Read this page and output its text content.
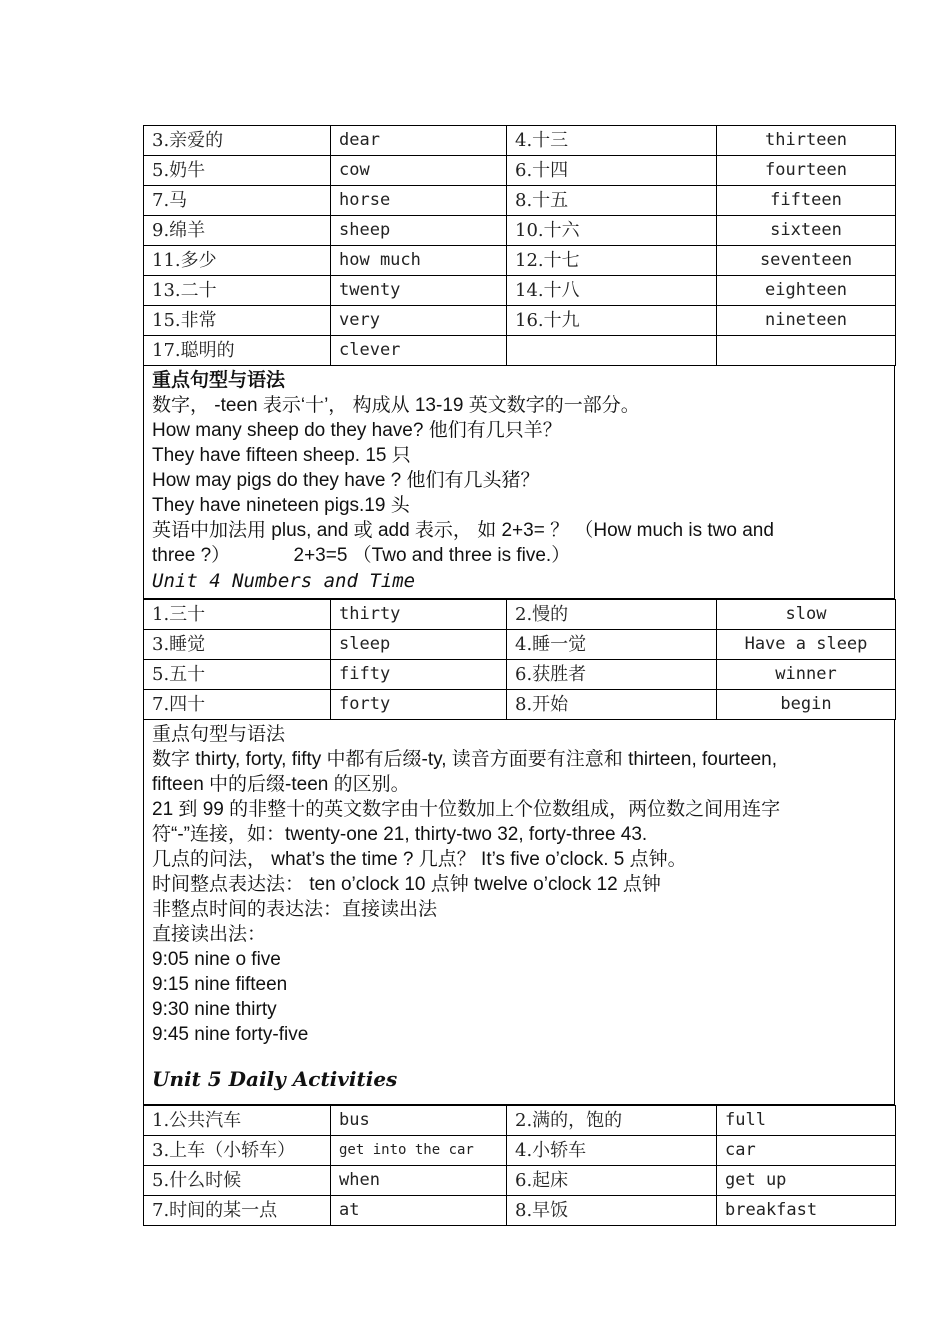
3.亲爱的	dear	4.十三	thirteen
5.奶牛	cow	6.十四	fourteen
7.马	horse	8.十五	fifteen
9.绵羊	sheep	10.十六	sixteen
11.多少	how much	12.十七	seventeen
13.二十	twenty	14.十八	eighteen
15.非常	very	16.十九	nineteen
17.聪明的	clever		
重点句型与语法
数字， -teen 表示‘十’， 构成从 13-19 英文数字的一部分。
How many sheep do they have? 他们有几只羊？
They have fifteen sheep. 15 只
How may pigs do they have ? 他们有几头猪？
They have nineteen pigs.19 头
英语中加法用 plus, and 或 add 表示， 如 2+3= ？ （How much is two and
three ?）            2+3=5 （Two and three is five.）
Unit 4 Numbers and Time
1.三十	thirty	2.慢的	slow
3.睡觉	sleep	4.睡一觉	Have a sleep
5.五十	fifty	6.获胜者	winner
7.四十	forty	8.开始	begin
重点句型与语法
数字 thirty, forty, fifty 中都有后缀-ty, 读音方面要有注意和 thirteen, fourteen,
fifteen 中的后缀-teen 的区别。
21 到 99 的非整十的英文数字由十位数加上个位数组成，两位数之间用连字
符“-”连接，如：twenty-one 21, thirty-two 32, forty-three 43.
几点的问法， what’s the time ? 几点？ It’s five o’clock. 5 点钟。
时间整点表达法： ten o’clock 10 点钟 twelve o’clock 12 点钟
非整点时间的表达法：直接读出法
直接读出法：
9:05 nine o five
9:15 nine fifteen
9:30 nine thirty
9:45 nine forty-five
Unit 5 Daily Activities
1.公共汽车	bus	2.满的，饱的	full
3.上车（小轿车）	get into the car	4.小轿车	car
5.什么时候	when	6.起床	get up
7.时间的某一点	at	8.早饭	breakfast
